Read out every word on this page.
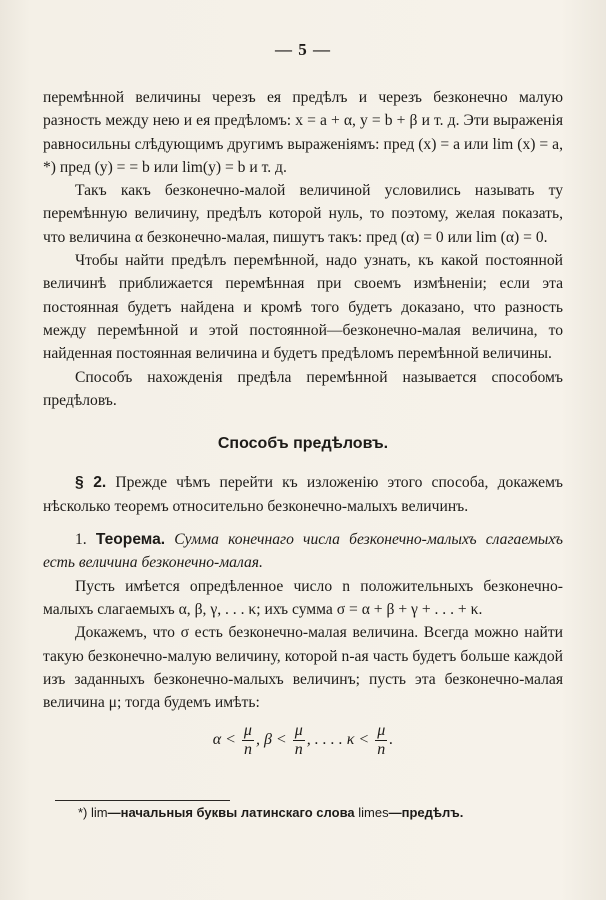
— 5 —

перемѣнной величины черезъ ея предѣлъ и черезъ безконечно малую разность между нею и ея предѣломъ: x = a + α, y = b + β и т. д. Эти выраженія равносильны слѣдующимъ другимъ выраженіямъ: пред (x) = a или lim (x) = a, *) пред (y) = = b или lim(y) = b и т. д.

Такъ какъ безконечно-малой величиной условились называть ту перемѣнную величину, предѣлъ которой нуль, то поэтому, желая показать, что величина α безконечно-малая, пишутъ такъ: пред (α) = 0 или lim (α) = 0.

Чтобы найти предѣлъ перемѣнной, надо узнать, къ какой постоянной величинѣ приближается перемѣнная при своемъ измѣненіи; если эта постоянная будетъ найдена и кромѣ того будетъ доказано, что разность между перемѣнной и этой постоянной—безконечно-малая величина, то найденная постоянная величина и будетъ предѣломъ перемѣнной величины.

Способъ нахожденія предѣла перемѣнной называется способомъ предѣловъ.

Способъ предѣловъ.

§ 2. Прежде чѣмъ перейти къ изложенію этого способа, докажемъ нѣсколько теоремъ относительно безконечно-малыхъ величинъ.

1. Теорема. Сумма конечнаго числа безконечно-малыхъ слагаемыхъ есть величина безконечно-малая.

Пусть имѣется опредѣленное число n положительныхъ безконечно-малыхъ слагаемыхъ α, β, γ, . . . κ; ихъ сумма σ = α + β + γ + . . . + κ.

Докажемъ, что σ есть безконечно-малая величина. Всегда можно найти такую безконечно-малую величину, которой n-ая часть будетъ больше каждой изъ заданныхъ безконечно-малыхъ величинъ; пусть эта безконечно-малая величина μ; тогда будемъ имѣть:

$\alpha < \frac{\mu}{n}$ , $\beta < \frac{\mu}{n}$ , . . . . $\kappa < \frac{\mu}{n}$ .
*) lim—начальныя буквы латинскаго слова limes—предѣлъ.
